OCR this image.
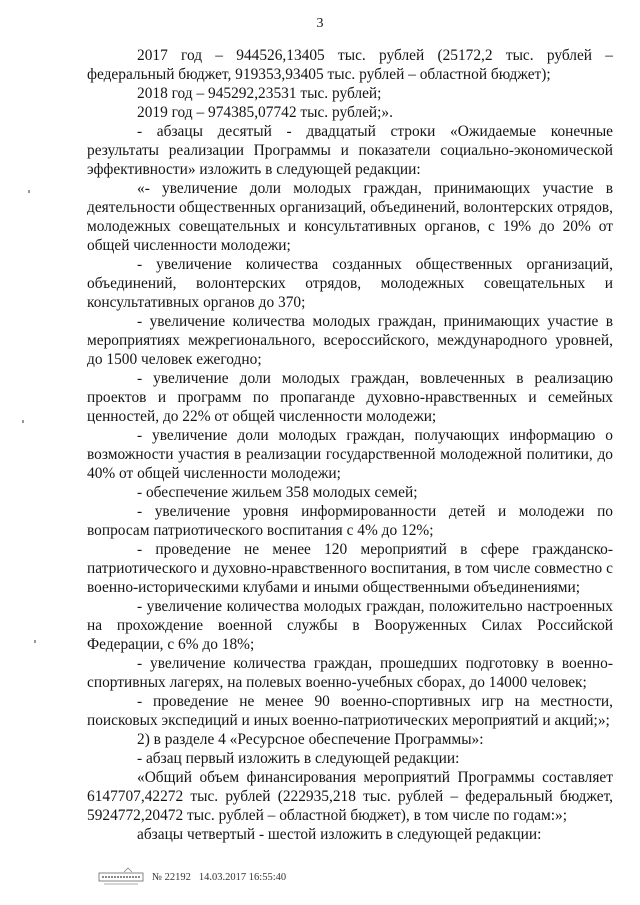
3

2017 год – 944526,13405 тыс. рублей (25172,2 тыс. рублей – федеральный бюджет, 919353,93405 тыс. рублей – областной бюджет);

2018 год – 945292,23531 тыс. рублей;

2019 год – 974385,07742 тыс. рублей;».

- абзацы десятый - двадцатый строки «Ожидаемые конечные результаты реализации Программы и показатели социально-экономической эффективности» изложить в следующей редакции:

«- увеличение доли молодых граждан, принимающих участие в деятельности общественных организаций, объединений, волонтерских отрядов, молодежных совещательных и консультативных органов, с 19% до 20% от общей численности молодежи;

- увеличение количества созданных общественных организаций, объединений, волонтерских отрядов, молодежных совещательных и консультативных органов до 370;

- увеличение количества молодых граждан, принимающих участие в мероприятиях межрегионального, всероссийского, международного уровней, до 1500 человек ежегодно;

- увеличение доли молодых граждан, вовлеченных в реализацию проектов и программ по пропаганде духовно-нравственных и семейных ценностей, до 22% от общей численности молодежи;

- увеличение доли молодых граждан, получающих информацию о возможности участия в реализации государственной молодежной политики, до 40% от общей численности молодежи;

- обеспечение жильем 358 молодых семей;

- увеличение уровня информированности детей и молодежи по вопросам патриотического воспитания с 4% до 12%;

- проведение не менее 120 мероприятий в сфере гражданско-патриотического и духовно-нравственного воспитания, в том числе совместно с военно-историческими клубами и иными общественными объединениями;

- увеличение количества молодых граждан, положительно настроенных на прохождение военной службы в Вооруженных Силах Российской Федерации, с 6% до 18%;

- увеличение количества граждан, прошедших подготовку в военно-спортивных лагерях, на полевых военно-учебных сборах, до 14000 человек;

- проведение не менее 90 военно-спортивных игр на местности, поисковых экспедиций и иных военно-патриотических мероприятий и акций;»;

2) в разделе 4 «Ресурсное обеспечение Программы»:

- абзац первый изложить в следующей редакции:

«Общий объем финансирования мероприятий Программы составляет 6147707,42272 тыс. рублей (222935,218 тыс. рублей – федеральный бюджет, 5924772,20472 тыс. рублей – областной бюджет), в том числе по годам:»;

абзацы четвертый - шестой изложить в следующей редакции:

№ 22192 14.03.2017 16:55:40
